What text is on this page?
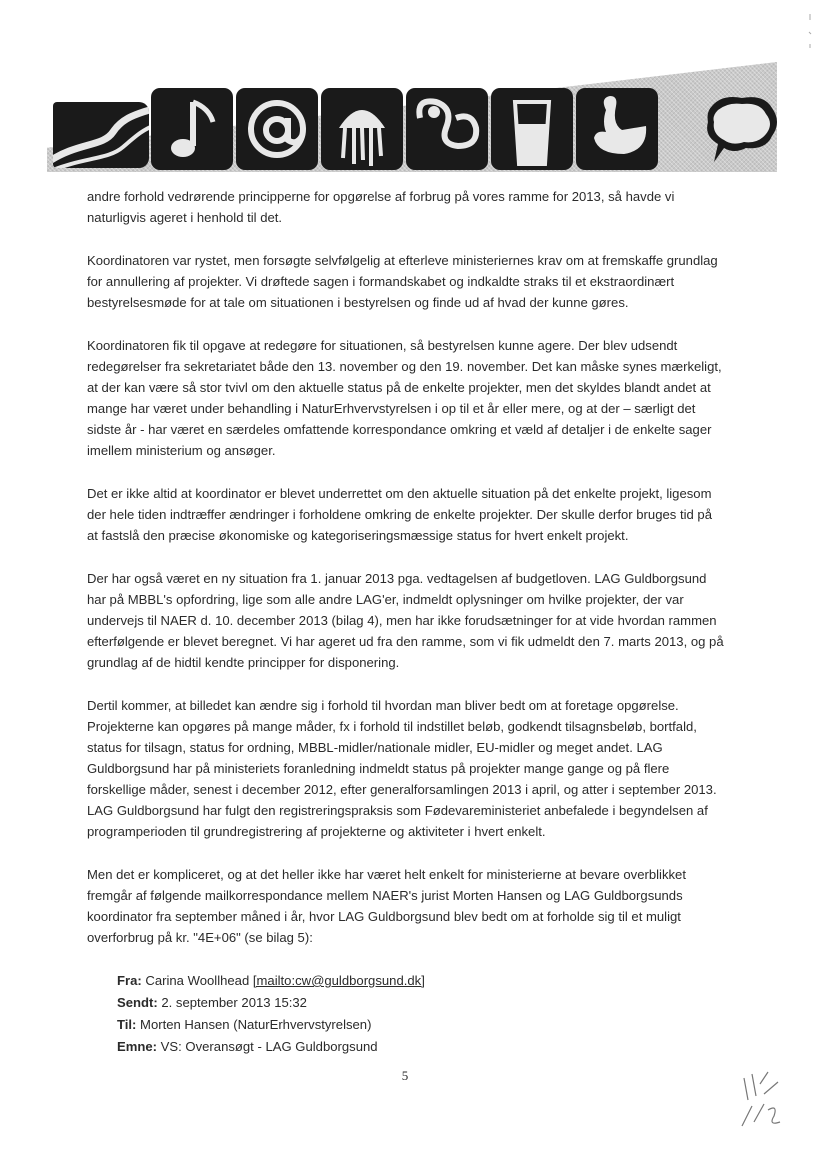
andre forhold vedrørende principperne for opgørelse af forbrug på vores ramme for 2013, så havde vi naturligvis ageret i henhold til det.

Koordinatoren var rystet, men forsøgte selvfølgelig at efterleve ministeriernes krav om at fremskaffe grundlag for annullering af projekter. Vi drøftede sagen i formandskabet og indkaldte straks til et ekstraordinært bestyrelsesmøde for at tale om situationen i bestyrelsen og finde ud af hvad der kunne gøres.

Koordinatoren fik til opgave at redegøre for situationen, så bestyrelsen kunne agere. Der blev udsendt redegørelser fra sekretariatet både den 13. november og den 19. november. Det kan måske synes mærkeligt, at der kan være så stor tvivl om den aktuelle status på de enkelte projekter, men det skyldes blandt andet at mange har været under behandling i NaturErhvervstyrelsen i op til et år eller mere, og at der – særligt det sidste år - har været en særdeles omfattende korrespondance omkring et væld af detaljer i de enkelte sager imellem ministerium og ansøger.

Det er ikke altid at koordinator er blevet underrettet om den aktuelle situation på det enkelte projekt, ligesom der hele tiden indtræffer ændringer i forholdene omkring de enkelte projekter. Der skulle derfor bruges tid på at fastslå den præcise økonomiske og kategoriseringsmæssige status for hvert enkelt projekt.

Der har også været en ny situation fra 1. januar 2013 pga. vedtagelsen af budgetloven. LAG Guldborgsund har på MBBL's opfordring, lige som alle andre LAG'er, indmeldt oplysninger om hvilke projekter, der var undervejs til NAER d. 10. december 2013 (bilag 4), men har ikke forudsætninger for at vide hvordan rammen efterfølgende er blevet beregnet. Vi har ageret ud fra den ramme, som vi fik udmeldt den 7. marts 2013, og på grundlag af de hidtil kendte principper for disponering.

Dertil kommer, at billedet kan ændre sig i forhold til hvordan man bliver bedt om at foretage opgørelse. Projekterne kan opgøres på mange måder, fx i forhold til indstillet beløb, godkendt tilsagnsbeløb, bortfald, status for tilsagn, status for ordning, MBBL-midler/nationale midler, EU-midler og meget andet. LAG Guldborgsund har på ministeriets foranledning indmeldt status på projekter mange gange og på flere forskellige måder, senest i december 2012, efter generalforsamlingen 2013 i april, og atter i september 2013. LAG Guldborgsund har fulgt den registreringspraksis som Fødevareministeriet anbefalede i begyndelsen af programperioden til grundregistrering af projekterne og aktiviteter i hvert enkelt.

Men det er kompliceret, og at det heller ikke har været helt enkelt for ministerierne at bevare overblikket fremgår af følgende mailkorrespondance mellem NAER's jurist Morten Hansen og LAG Guldborgsunds koordinator fra september måned i år, hvor LAG Guldborgsund blev bedt om at forholde sig til et muligt overforbrug på kr. "4E+06" (se bilag 5):

Fra: Carina Woollhead [mailto:cw@guldborgsund.dk]
Sendt: 2. september 2013 15:32
Til: Morten Hansen (NaturErhvervstyrelsen)
Emne: VS: Overansøgt - LAG Guldborgsund
5
